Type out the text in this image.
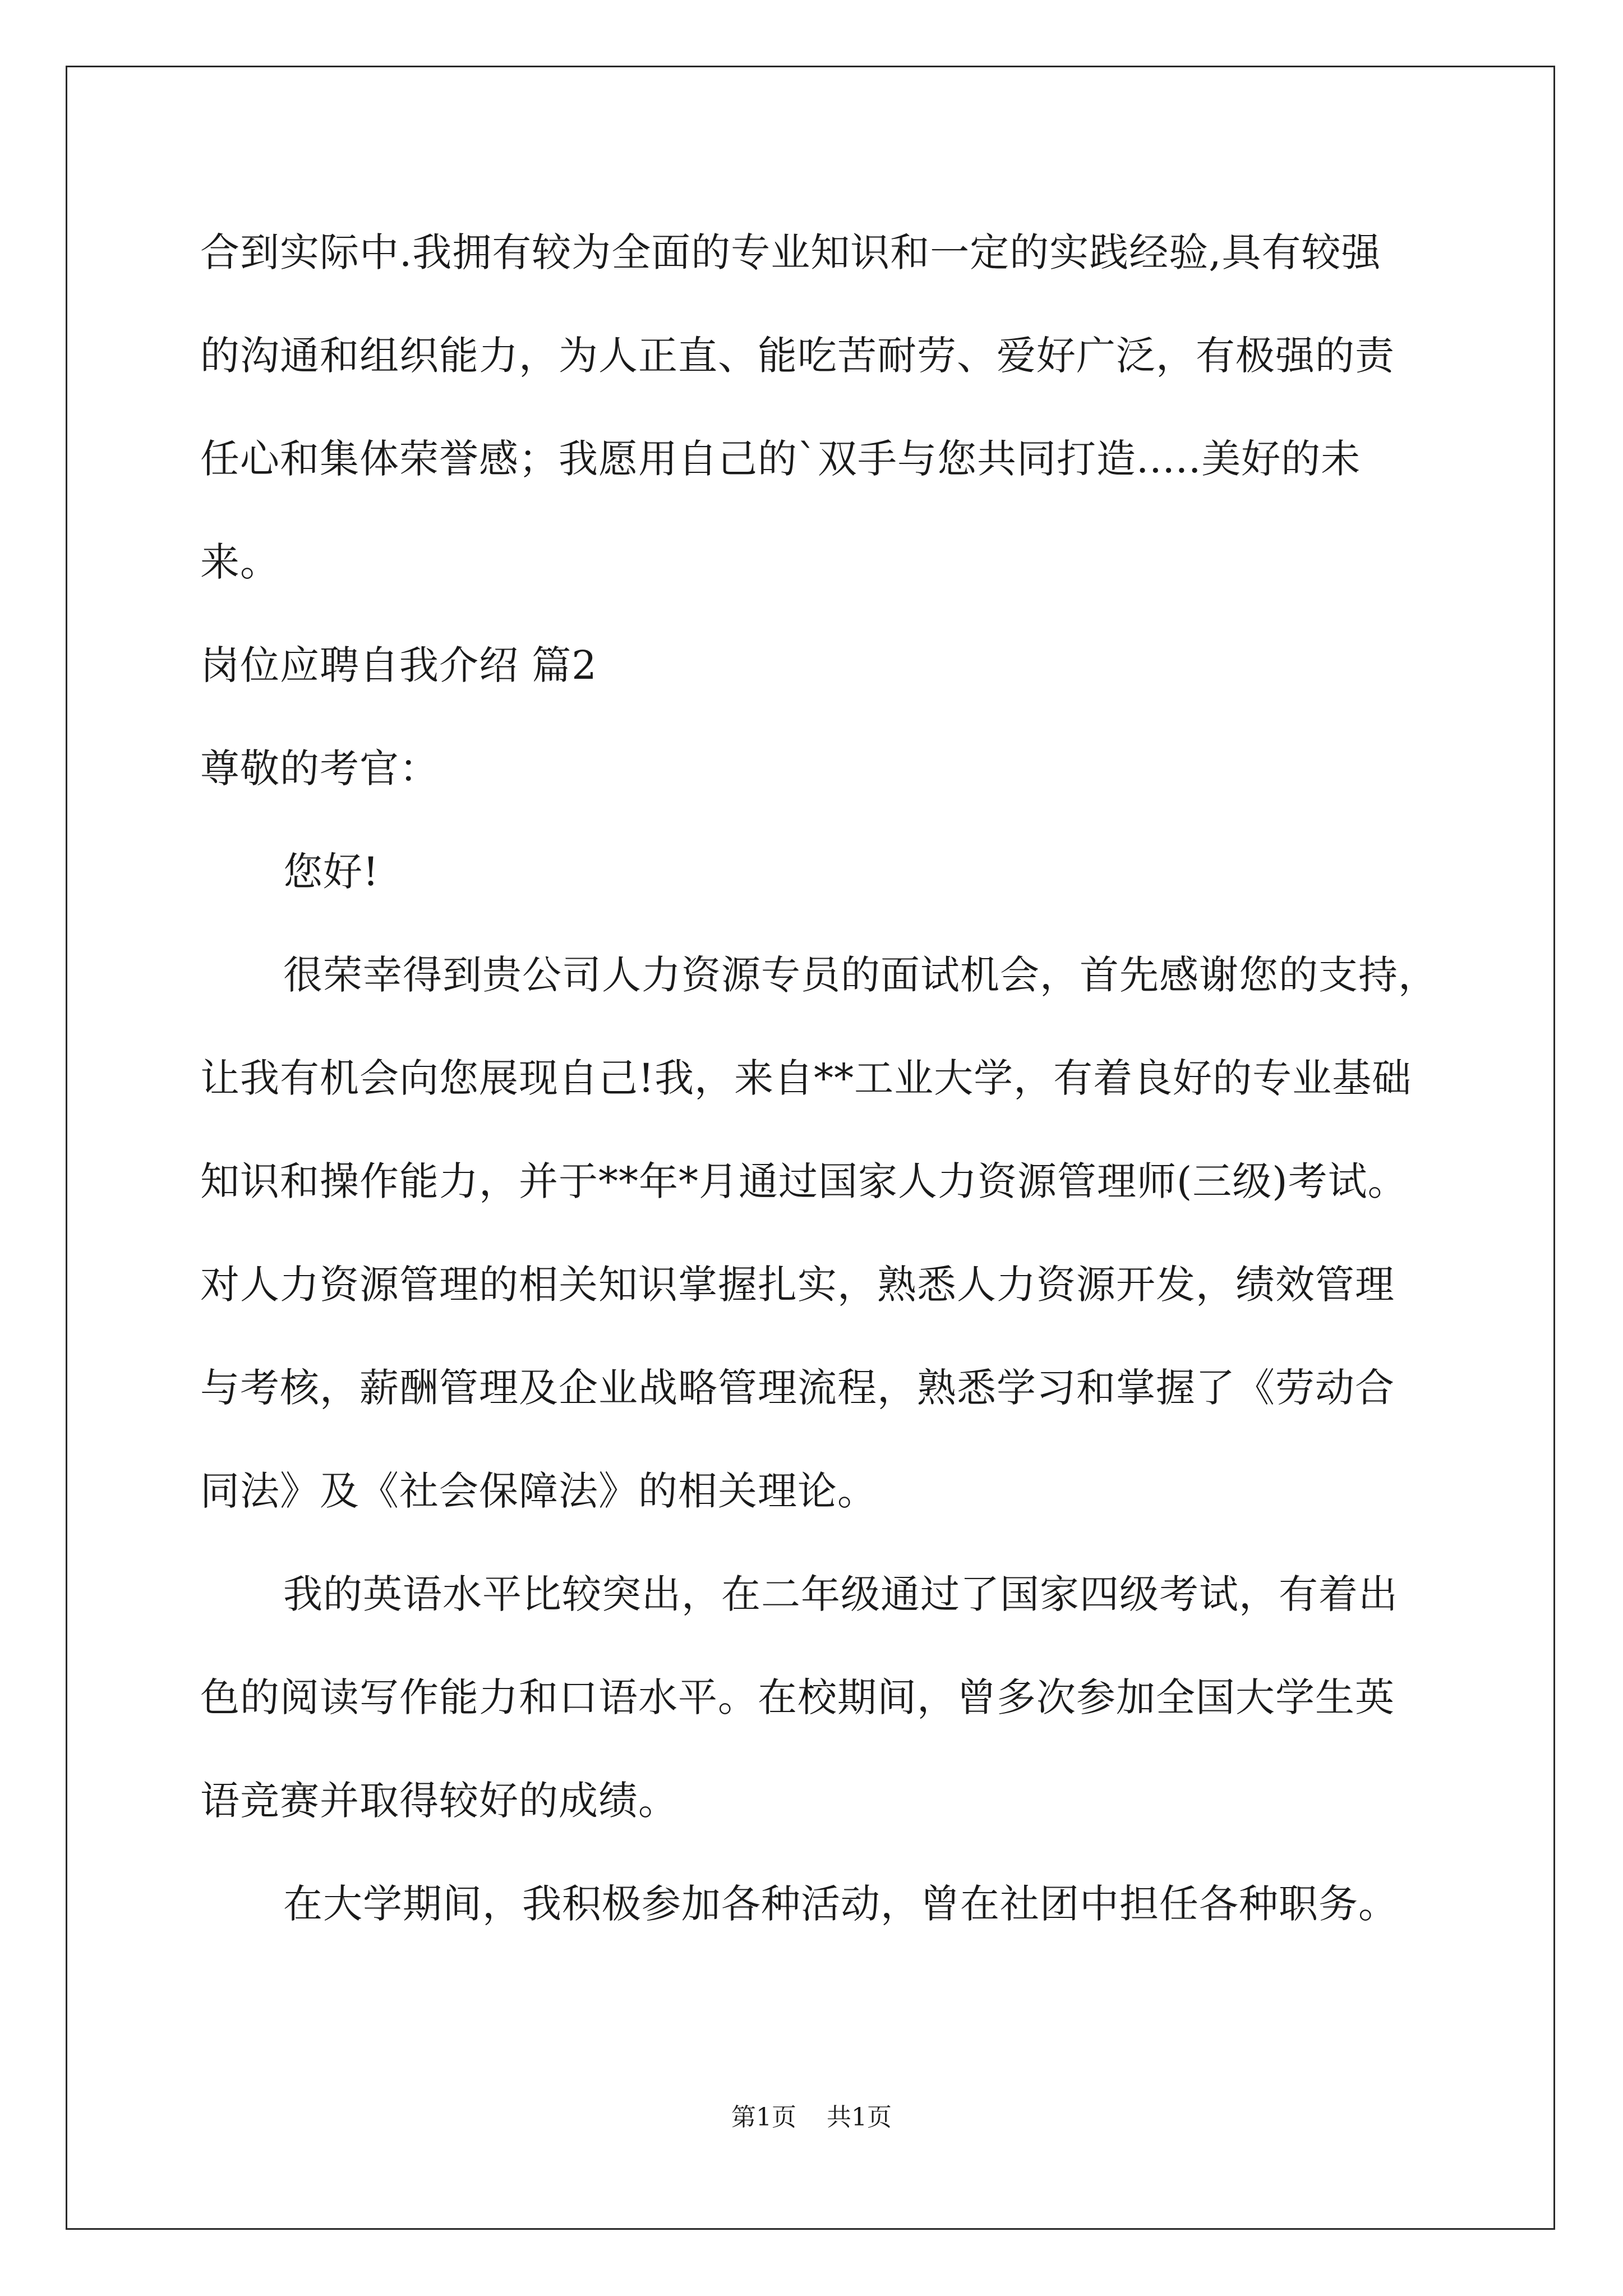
合到实际中.我拥有较为全面的专业知识和一定的实践经验,具有较强
的沟通和组织能力，为人正直、能吃苦耐劳、爱好广泛，有极强的责
任心和集体荣誉感；我愿用自己的`双手与您共同打造.....美好的未
来。
岗位应聘自我介绍 篇2
尊敬的考官：
您好!
很荣幸得到贵公司人力资源专员的面试机会，首先感谢您的支持，
让我有机会向您展现自己!我，来自**工业大学，有着良好的专业基础
知识和操作能力，并于**年*月通过国家人力资源管理师(三级)考试。
对人力资源管理的相关知识掌握扎实，熟悉人力资源开发，绩效管理
与考核，薪酬管理及企业战略管理流程，熟悉学习和掌握了《劳动合
同法》及《社会保障法》的相关理论。
我的英语水平比较突出，在二年级通过了国家四级考试，有着出
色的阅读写作能力和口语水平。在校期间，曾多次参加全国大学生英
语竞赛并取得较好的成绩。
在大学期间，我积极参加各种活动，曾在社团中担任各种职务。
第1页 共1页
